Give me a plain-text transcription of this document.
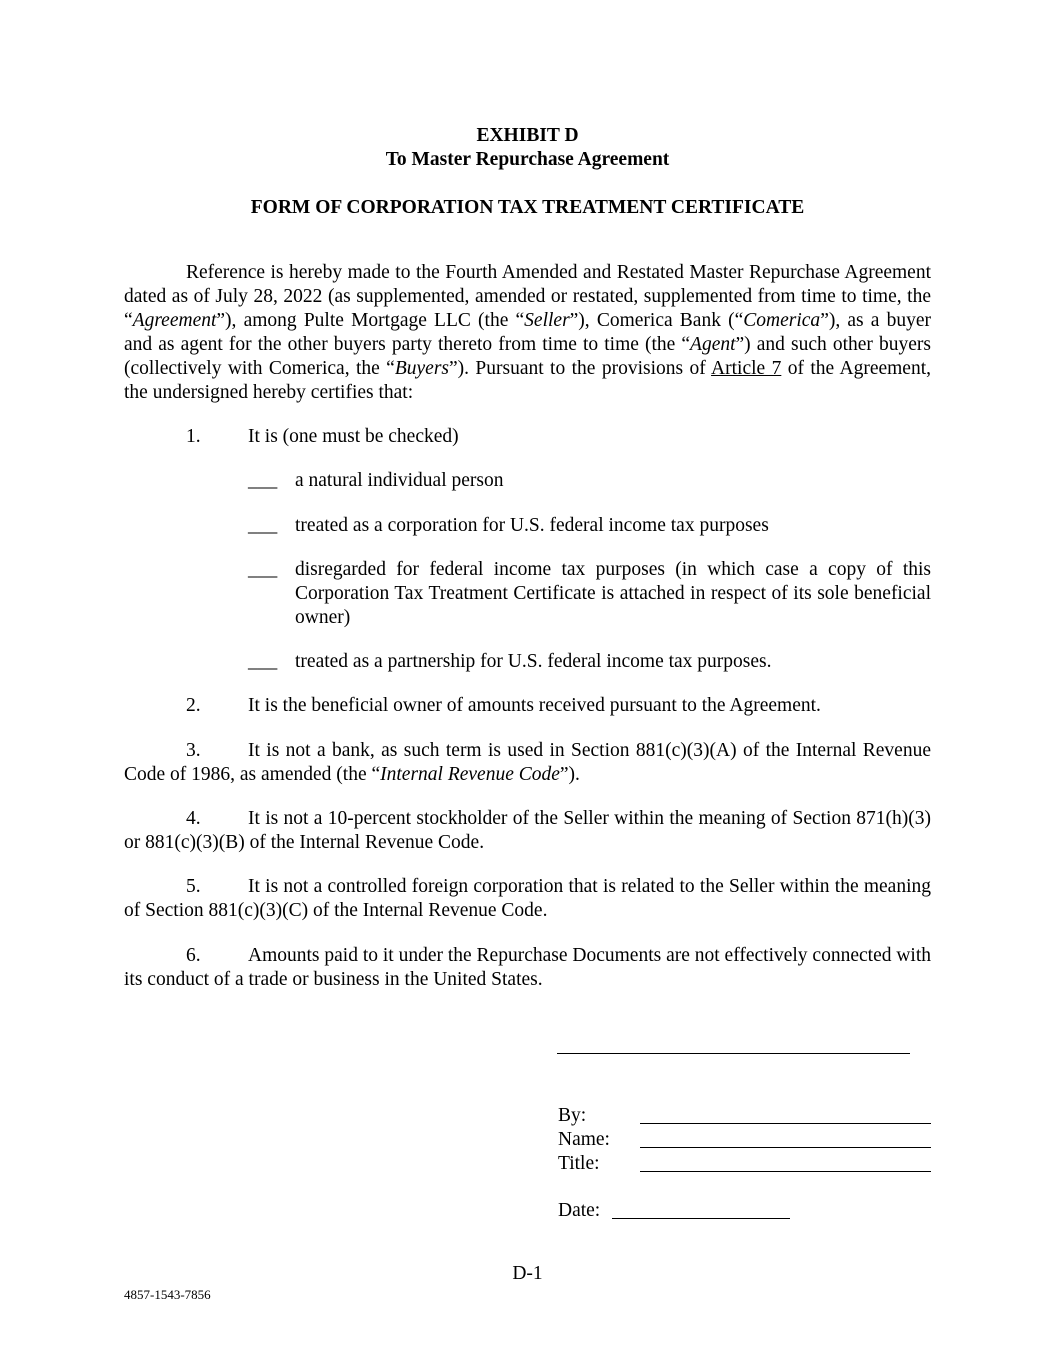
EXHIBIT D
To Master Repurchase Agreement
FORM OF CORPORATION TAX TREATMENT CERTIFICATE
Reference is hereby made to the Fourth Amended and Restated Master Repurchase Agreement dated as of July 28, 2022 (as supplemented, amended or restated, supplemented from time to time, the “Agreement”), among Pulte Mortgage LLC (the “Seller”), Comerica Bank (“Comerica”), as a buyer and as agent for the other buyers party thereto from time to time (the “Agent”) and such other buyers (collectively with Comerica, the “Buyers”). Pursuant to the provisions of Article 7 of the Agreement, the undersigned hereby certifies that:
1.	It is (one must be checked)
___ a natural individual person
___ treated as a corporation for U.S. federal income tax purposes
___ disregarded for federal income tax purposes (in which case a copy of this Corporation Tax Treatment Certificate is attached in respect of its sole beneficial owner)
___ treated as a partnership for U.S. federal income tax purposes.
2.	It is the beneficial owner of amounts received pursuant to the Agreement.
3. It is not a bank, as such term is used in Section 881(c)(3)(A) of the Internal Revenue Code of 1986, as amended (the “Internal Revenue Code”).
4. It is not a 10-percent stockholder of the Seller within the meaning of Section 871(h)(3) or 881(c)(3)(B) of the Internal Revenue Code.
5. It is not a controlled foreign corporation that is related to the Seller within the meaning of Section 881(c)(3)(C) of the Internal Revenue Code.
6. Amounts paid to it under the Repurchase Documents are not effectively connected with its conduct of a trade or business in the United States.
By:
Name:
Title:
Date:
D-1
4857-1543-7856
